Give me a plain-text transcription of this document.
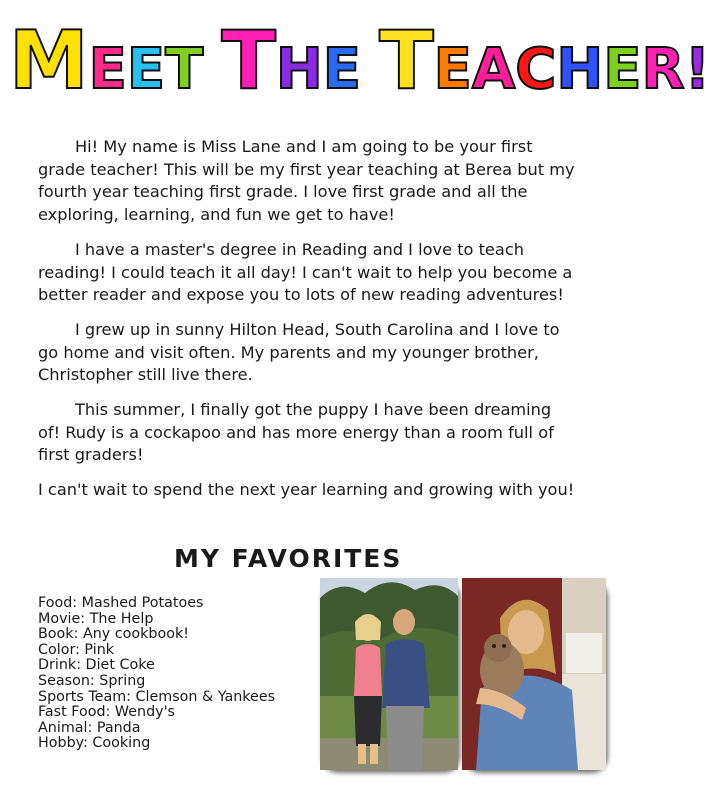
MEET THE TEACHER!

Hi! My name is Miss Lane and I am going to be your first grade teacher! This will be my first year teaching at Berea but my fourth year teaching first grade. I love first grade and all the exploring, learning, and fun we get to have!

I have a master's degree in Reading and I love to teach reading! I could teach it all day! I can't wait to help you become a better reader and expose you to lots of new reading adventures!

I grew up in sunny Hilton Head, South Carolina and I love to go home and visit often. My parents and my younger brother, Christopher still live there.

This summer, I finally got the puppy I have been dreaming of! Rudy is a cockapoo and has more energy than a room full of first graders!

I can't wait to spend the next year learning and growing with you!

MY FAVORITES
Food: Mashed Potatoes
Movie: The Help
Book: Any cookbook!
Color: Pink
Drink: Diet Coke
Season: Spring
Sports Team: Clemson & Yankees
Fast Food: Wendy's
Animal: Panda
Hobby: Cooking
